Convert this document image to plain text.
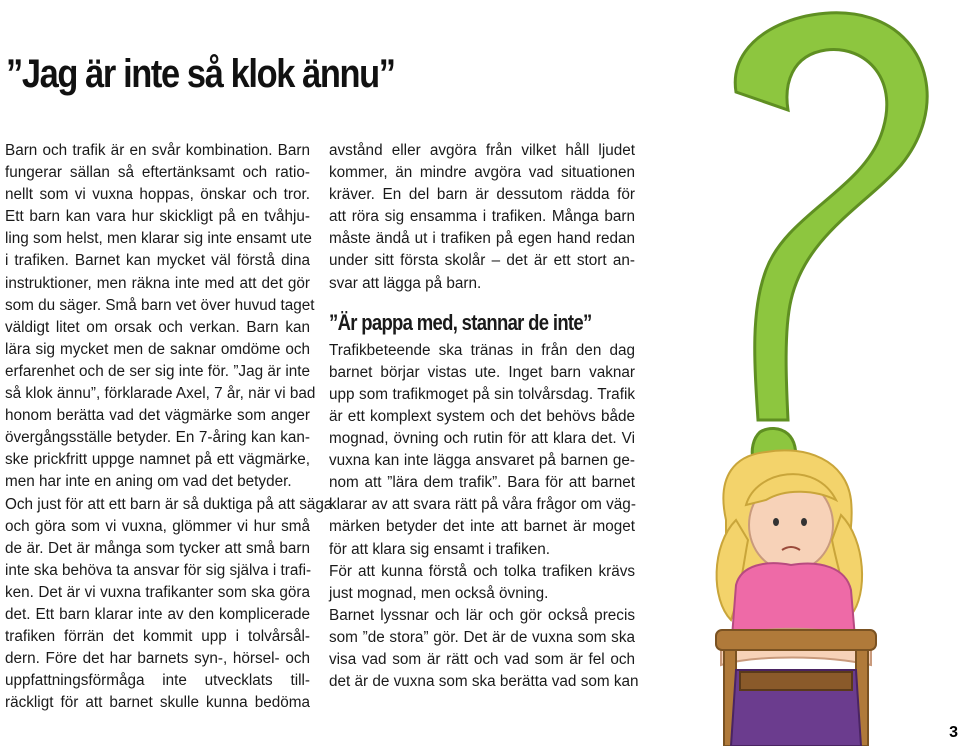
”Jag är inte så klok ännu”
Barn och trafik är en svår kombination. Barn
fungerar sällan så eftertänksamt och ratio-
nellt som vi vuxna hoppas, önskar och tror.
Ett barn kan vara hur skickligt på en tvåhju-
ling som helst, men klarar sig inte ensamt ute
i trafiken. Barnet kan mycket väl förstå dina
instruktioner, men räkna inte med att det gör
som du säger. Små barn vet över huvud taget
väldigt litet om orsak och verkan. Barn kan
lära sig mycket men de saknar omdöme och
erfarenhet och de ser sig inte för. ”Jag är inte
så klok ännu”, förklarade Axel, 7 år, när vi bad
honom berätta vad det vägmärke som anger
övergångsställe betyder. En 7-åring kan kan-
ske prickfritt uppge namnet på ett vägmärke,
men har inte en aning om vad det betyder.
Och just för att ett barn är så duktiga på att säga
och göra som vi vuxna, glömmer vi hur små
de är. Det är många som tycker att små barn
inte ska behöva ta ansvar för sig själva i trafi-
ken. Det är vi vuxna trafikanter som ska göra
det. Ett barn klarar inte av den komplicerade
trafiken förrän det kommit upp i tolvårsål-
dern. Före det har barnets syn-, hörsel- och
uppfattningsförmåga inte utvecklats till-
räckligt för att barnet skulle kunna bedöma
avstånd eller avgöra från vilket håll ljudet
kommer, än mindre avgöra vad situationen
kräver. En del barn är dessutom rädda för
att röra sig ensamma i trafiken. Många barn
måste ändå ut i trafiken på egen hand redan
under sitt första skolår – det är ett stort an-
svar att lägga på barn.
”Är pappa med, stannar de inte”
Trafikbeteende ska tränas in från den dag
barnet börjar vistas ute. Inget barn vaknar
upp som trafikmoget på sin tolvårsdag. Trafik
är ett komplext system och det behövs både
mognad, övning och rutin för att klara det. Vi
vuxna kan inte lägga ansvaret på barnen ge-
nom att ”lära dem trafik”. Bara för att barnet
klarar av att svara rätt på våra frågor om väg-
märken betyder det inte att barnet är moget
för att klara sig ensamt i trafiken.
För att kunna förstå och tolka trafiken krävs
just mognad, men också övning.
Barnet lyssnar och lär och gör också precis
som ”de stora” gör. Det är de vuxna som ska
visa vad som är rätt och vad som är fel och
det är de vuxna som ska berätta vad som kan
3
